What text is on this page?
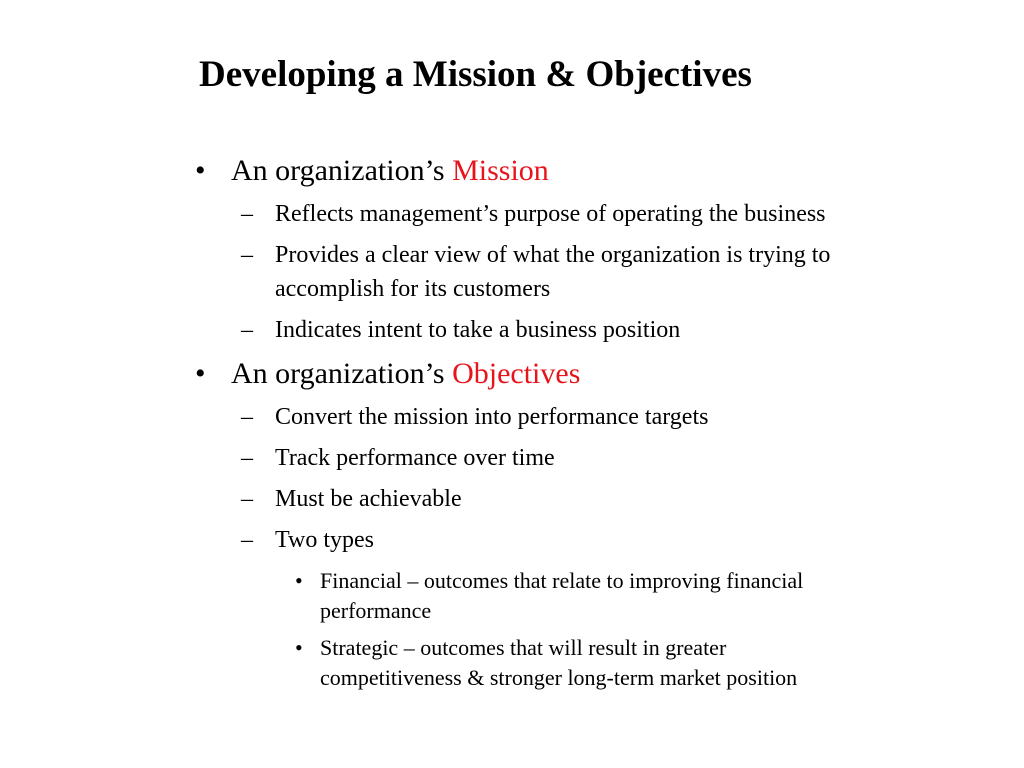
Developing a Mission & Objectives
• An organization’s Mission
– Reflects management’s purpose of operating the business
– Provides a clear view of what the organization is trying to accomplish for its customers
– Indicates intent to take a business position
• An organization’s Objectives
– Convert the mission into performance targets
– Track performance over time
– Must be achievable
– Two types
• Financial – outcomes that relate to improving financial performance
• Strategic – outcomes that will result in greater competitiveness & stronger long-term market position
